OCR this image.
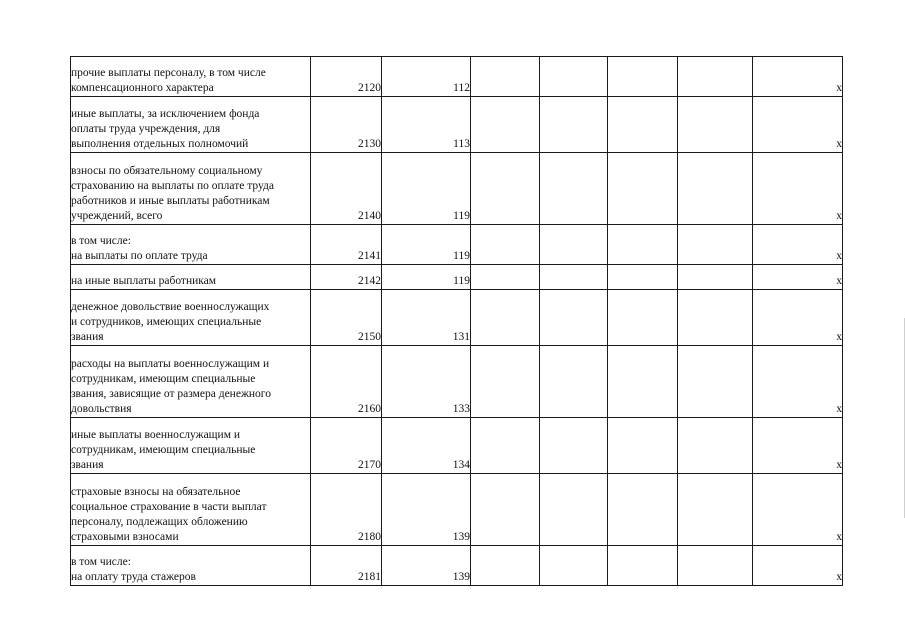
прочие выплаты персоналу, в том числе
компенсационного характера	2120	112					x

иные выплаты, за исключением фонда
оплаты труда учреждения, для
выполнения отдельных полномочий	2130	113					x

взносы по обязательному социальному
страхованию на выплаты по оплате труда
работников и иные выплаты работникам
учреждений, всего	2140	119					x

в том числе:
на выплаты по оплате труда	2141	119					x

на иные выплаты работникам	2142	119					x

денежное довольствие военнослужащих
и сотрудников, имеющих специальные
звания	2150	131					x

расходы на выплаты военнослужащим и
сотрудникам, имеющим специальные
звания, зависящие от размера денежного
довольствия	2160	133					x

иные выплаты военнослужащим и
сотрудникам, имеющим специальные
звания	2170	134					x

страховые взносы на обязательное
социальное страхование в части выплат
персоналу, подлежащих обложению
страховыми взносами	2180	139					x

в том числе:
на оплату труда стажеров	2181	139					x
